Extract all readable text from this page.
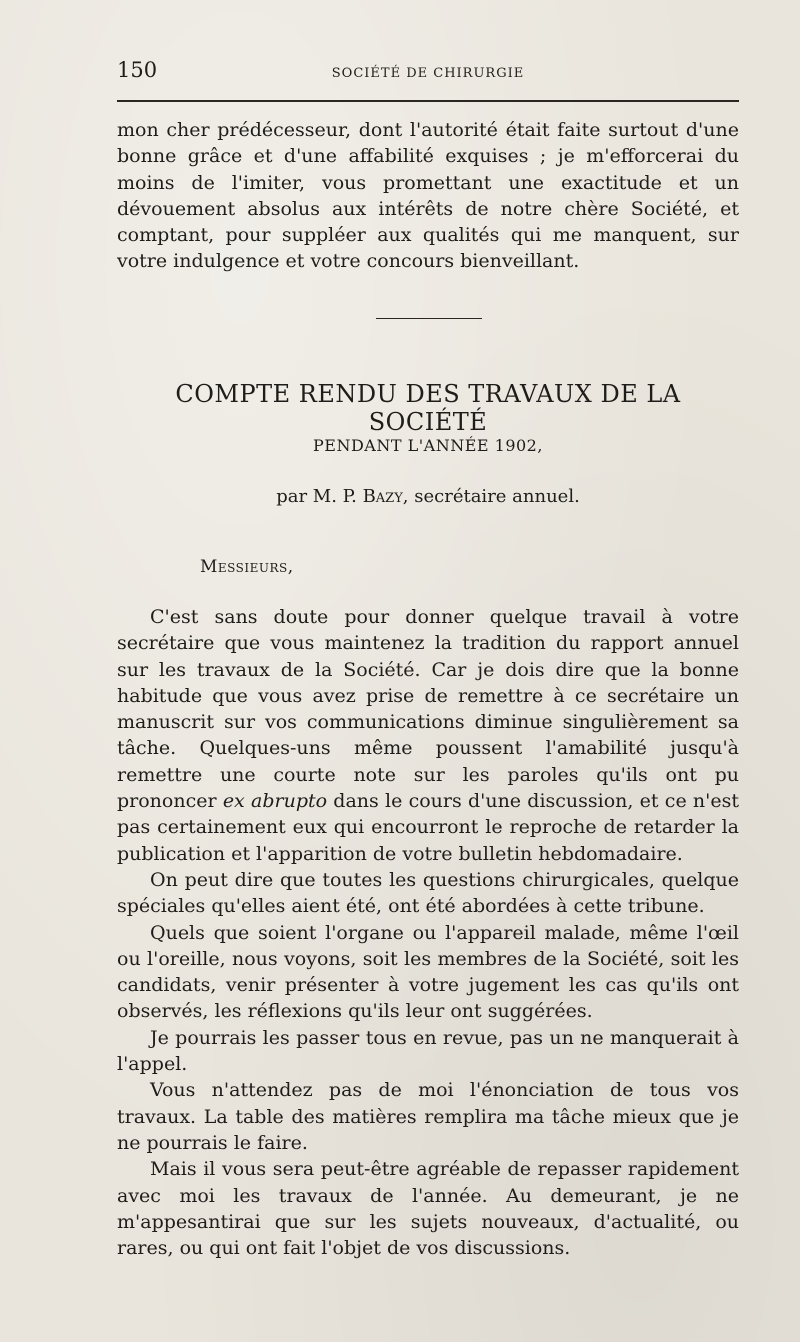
150	SOCIÉTÉ DE CHIRURGIE

mon cher prédécesseur, dont l'autorité était faite surtout d'une bonne grâce et d'une affabilité exquises ; je m'efforcerai du moins de l'imiter, vous promettant une exactitude et un dévouement absolus aux intérêts de notre chère Société, et comptant, pour suppléer aux qualités qui me manquent, sur votre indulgence et votre concours bienveillant.

COMPTE RENDU DES TRAVAUX DE LA SOCIÉTÉ
PENDANT L'ANNÉE 1902,
par M. P. Bazy, secrétaire annuel.
Messieurs,

C'est sans doute pour donner quelque travail à votre secrétaire que vous maintenez la tradition du rapport annuel sur les travaux de la Société. Car je dois dire que la bonne habitude que vous avez prise de remettre à ce secrétaire un manuscrit sur vos communications diminue singulièrement sa tâche. Quelques-uns même poussent l'amabilité jusqu'à remettre une courte note sur les paroles qu'ils ont pu prononcer ex abrupto dans le cours d'une discussion, et ce n'est pas certainement eux qui encourront le reproche de retarder la publication et l'apparition de votre bulletin hebdomadaire.

On peut dire que toutes les questions chirurgicales, quelque spéciales qu'elles aient été, ont été abordées à cette tribune.

Quels que soient l'organe ou l'appareil malade, même l'œil ou l'oreille, nous voyons, soit les membres de la Société, soit les candidats, venir présenter à votre jugement les cas qu'ils ont observés, les réflexions qu'ils leur ont suggérées.

Je pourrais les passer tous en revue, pas un ne manquerait à l'appel.

Vous n'attendez pas de moi l'énonciation de tous vos travaux. La table des matières remplira ma tâche mieux que je ne pourrais le faire.

Mais il vous sera peut-être agréable de repasser rapidement avec moi les travaux de l'année. Au demeurant, je ne m'appesantirai que sur les sujets nouveaux, d'actualité, ou rares, ou qui ont fait l'objet de vos discussions.
